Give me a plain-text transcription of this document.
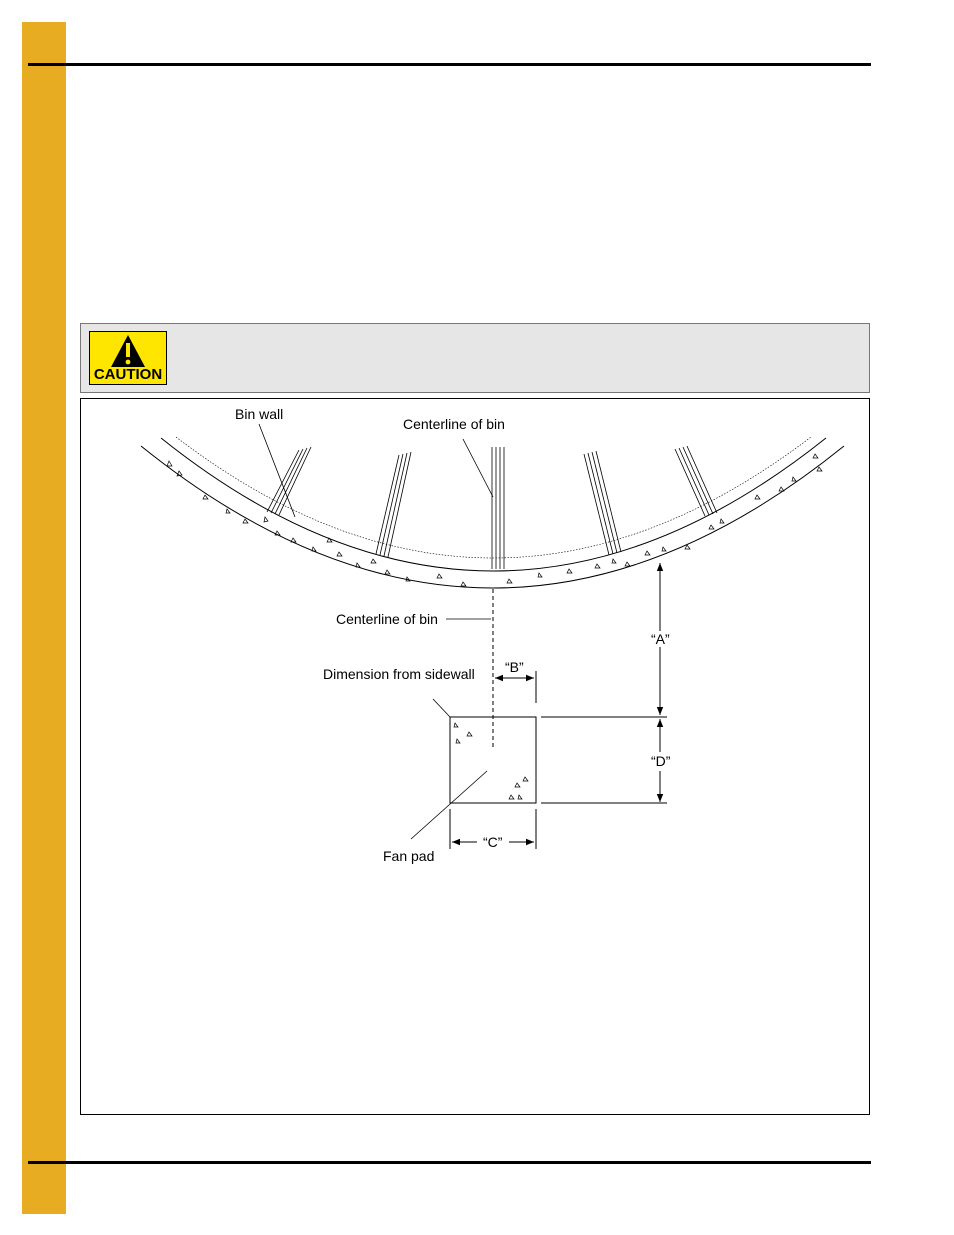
CAUTION
Bin wall
Centerline of bin
Centerline of bin
Dimension from sidewall
Fan pad
“A”
“B”
“C”
“D”
